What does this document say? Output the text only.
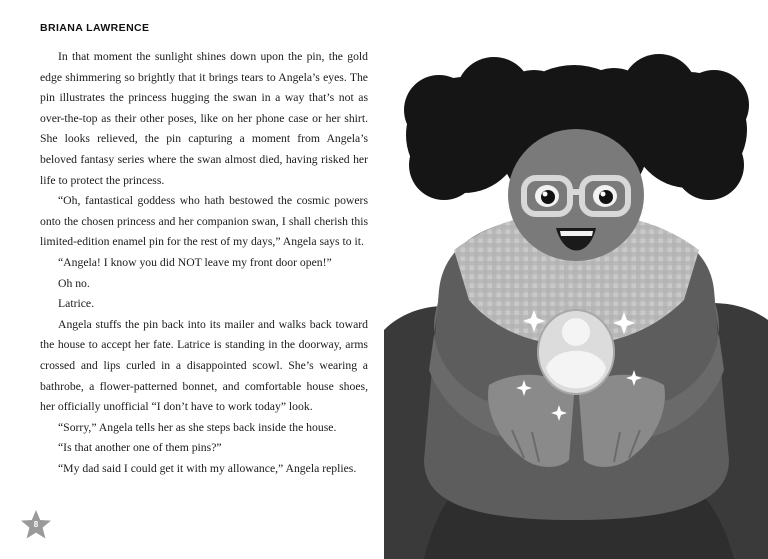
BRIANA LAWRENCE

In that moment the sunlight shines down upon the pin, the gold edge shimmering so brightly that it brings tears to Angela’s eyes. The pin illustrates the princess hugging the swan in a way that’s not as over-the-top as their other poses, like on her phone case or her shirt. She looks relieved, the pin capturing a moment from Angela’s beloved fantasy series where the swan almost died, having risked her life to protect the princess.

“Oh, fantastical goddess who hath bestowed the cosmic powers onto the chosen princess and her companion swan, I shall cherish this limited-edition enamel pin for the rest of my days,” Angela says to it.

“Angela! I know you did NOT leave my front door open!”

Oh no.

Latrice.

Angela stuffs the pin back into its mailer and walks back toward the house to accept her fate. Latrice is standing in the doorway, arms crossed and lips curled in a disappointed scowl. She’s wearing a bathrobe, a flower-patterned bonnet, and comfortable house shoes, her officially unofficial “I don’t have to work today” look.

“Sorry,” Angela tells her as she steps back inside the house.

“Is that another one of them pins?”

“My dad said I could get it with my allowance,” Angela replies.

8
